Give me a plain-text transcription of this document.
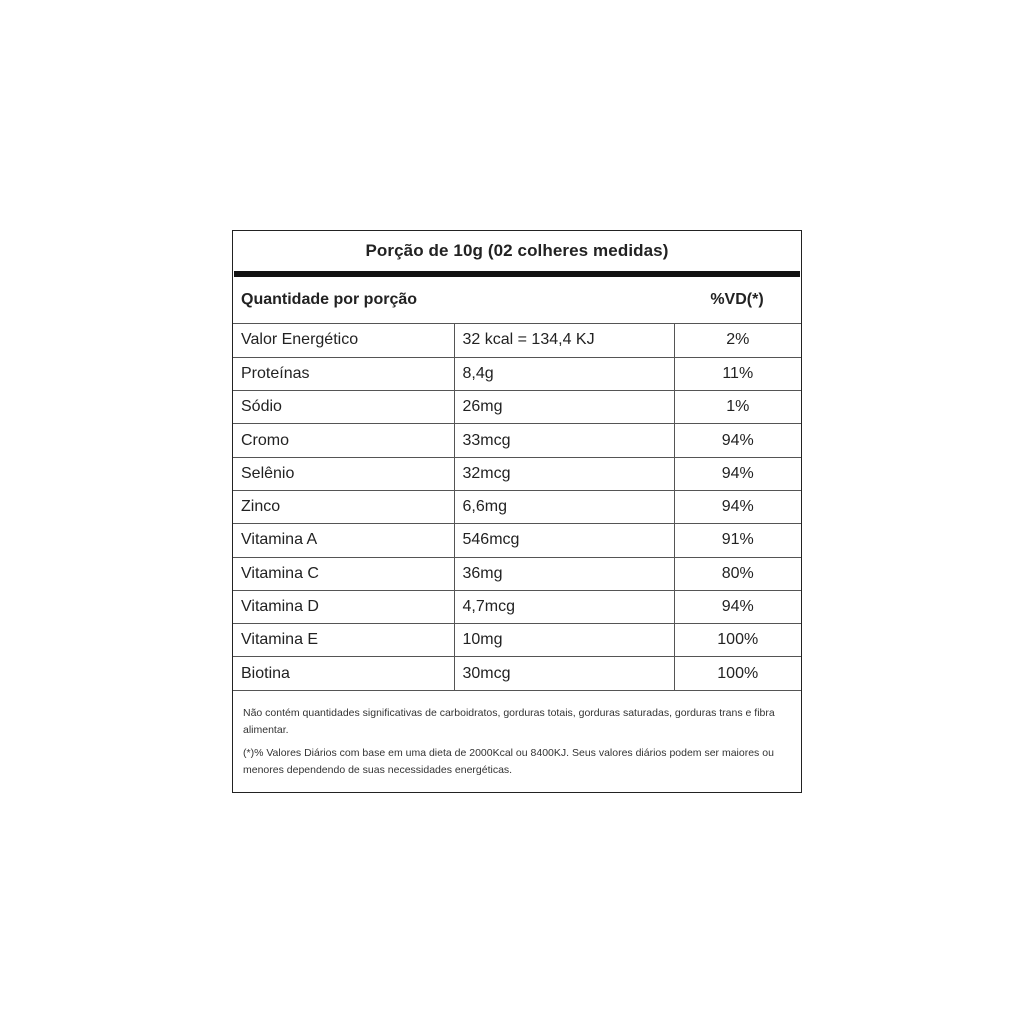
Porção de 10g (02 colheres medidas)
Quantidade por porção	%VD(*)
Valor Energético	32 kcal = 134,4 KJ	2%
Proteínas	8,4g	11%
Sódio	26mg	1%
Cromo	33mcg	94%
Selênio	32mcg	94%
Zinco	6,6mg	94%
Vitamina A	546mcg	91%
Vitamina C	36mg	80%
Vitamina D	4,7mcg	94%
Vitamina E	10mg	100%
Biotina	30mcg	100%

Não contém quantidades significativas de carboidratos, gorduras totais, gorduras saturadas, gorduras trans e fibra alimentar.

(*)% Valores Diários com base em uma dieta de 2000Kcal ou 8400KJ. Seus valores diários podem ser maiores ou menores dependendo de suas necessidades energéticas.
